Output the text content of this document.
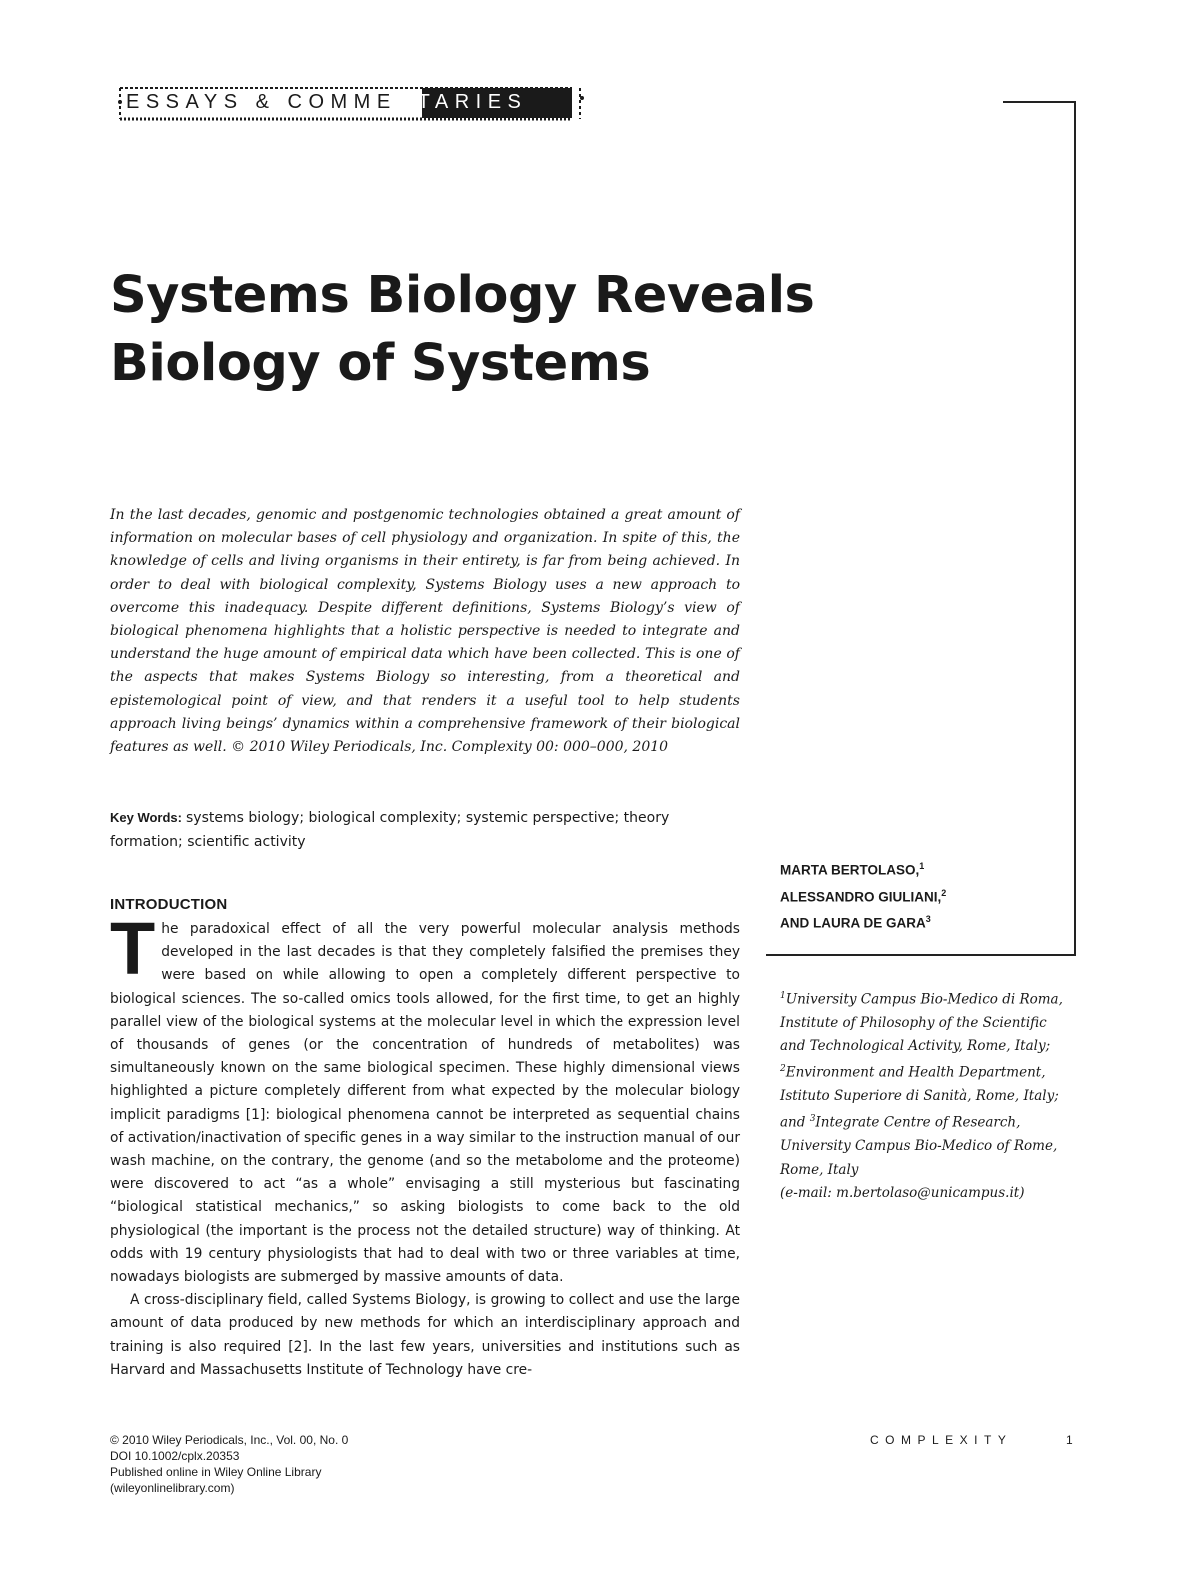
ESSAYS & COMMENTARIES
Systems Biology Reveals Biology of Systems

In the last decades, genomic and postgenomic technologies obtained a great amount of information on molecular bases of cell physiology and organization. In spite of this, the knowledge of cells and living organisms in their entirety, is far from being achieved. In order to deal with biological complexity, Systems Biology uses a new approach to overcome this inadequacy. Despite different definitions, Systems Biology’s view of biological phenomena highlights that a holistic perspective is needed to integrate and understand the huge amount of empirical data which have been collected. This is one of the aspects that makes Systems Biology so interesting, from a theoretical and epistemological point of view, and that renders it a useful tool to help students approach living beings’ dynamics within a comprehensive framework of their biological features as well. © 2010 Wiley Periodicals, Inc. Complexity 00: 000–000, 2010

Key Words: systems biology; biological complexity; systemic perspective; theory formation; scientific activity

INTRODUCTION

The paradoxical effect of all the very powerful molecular analysis methods developed in the last decades is that they completely falsified the premises they were based on while allowing to open a completely different perspective to biological sciences. The so-called omics tools allowed, for the first time, to get an highly parallel view of the biological systems at the molecular level in which the expression level of thousands of genes (or the concentration of hundreds of metabolites) was simultaneously known on the same biological specimen. These highly dimensional views highlighted a picture completely different from what expected by the molecular biology implicit paradigms [1]: biological phenomena cannot be interpreted as sequential chains of activation/inactivation of specific genes in a way similar to the instruction manual of our wash machine, on the contrary, the genome (and so the metabolome and the proteome) were discovered to act “as a whole” envisaging a still mysterious but fascinating “biological statistical mechanics,” so asking biologists to come back to the old physiological (the important is the process not the detailed structure) way of thinking. At odds with 19 century physiologists that had to deal with two or three variables at time, nowadays biologists are submerged by massive amounts of data.

A cross-disciplinary field, called Systems Biology, is growing to collect and use the large amount of data produced by new methods for which an interdisciplinary approach and training is also required [2]. In the last few years, universities and institutions such as Harvard and Massachusetts Institute of Technology have cre-

MARTA BERTOLASO,$^1$
ALESSANDRO GIULIANI,$^2$
AND LAURA DE GARA$^3$

$^1$University Campus Bio-Medico di Roma, Institute of Philosophy of the Scientific and Technological Activity, Rome, Italy; $^2$Environment and Health Department, Istituto Superiore di Sanità, Rome, Italy; and $^3$Integrate Centre of Research, University Campus Bio-Medico of Rome, Rome, Italy
(e-mail: m.bertolaso@unicampus.it)

© 2010 Wiley Periodicals, Inc., Vol. 00, No. 0
DOI 10.1002/cplx.20353
Published online in Wiley Online Library
(wileyonlinelibrary.com)
COMPLEXITY	1
